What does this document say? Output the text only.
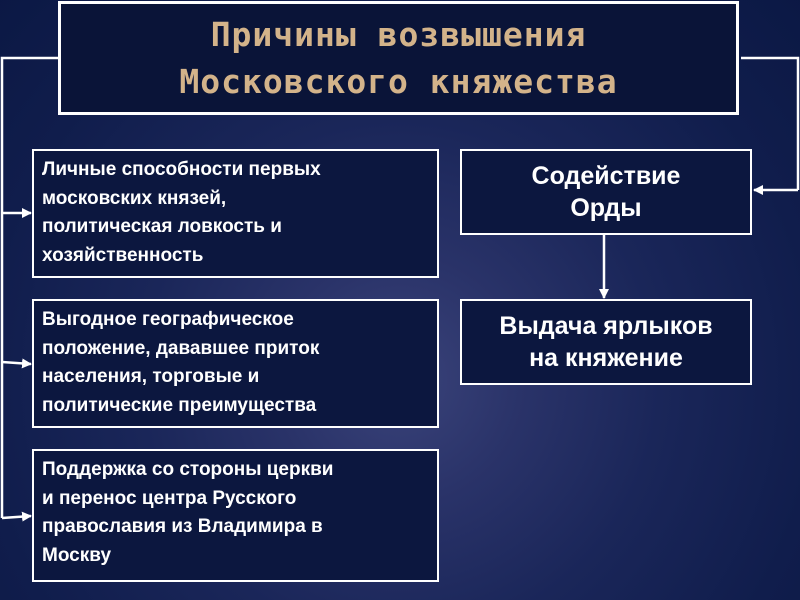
Причины возвышения
Московского княжества
Личные способности первых
московских князей,
политическая ловкость и
хозяйственность
Выгодное географическое
положение, дававшее приток
населения, торговые и
политические преимущества
Поддержка со стороны церкви
и перенос центра Русского
православия из Владимира в
Москву
Содействие
Орды
Выдача ярлыков
на княжение
